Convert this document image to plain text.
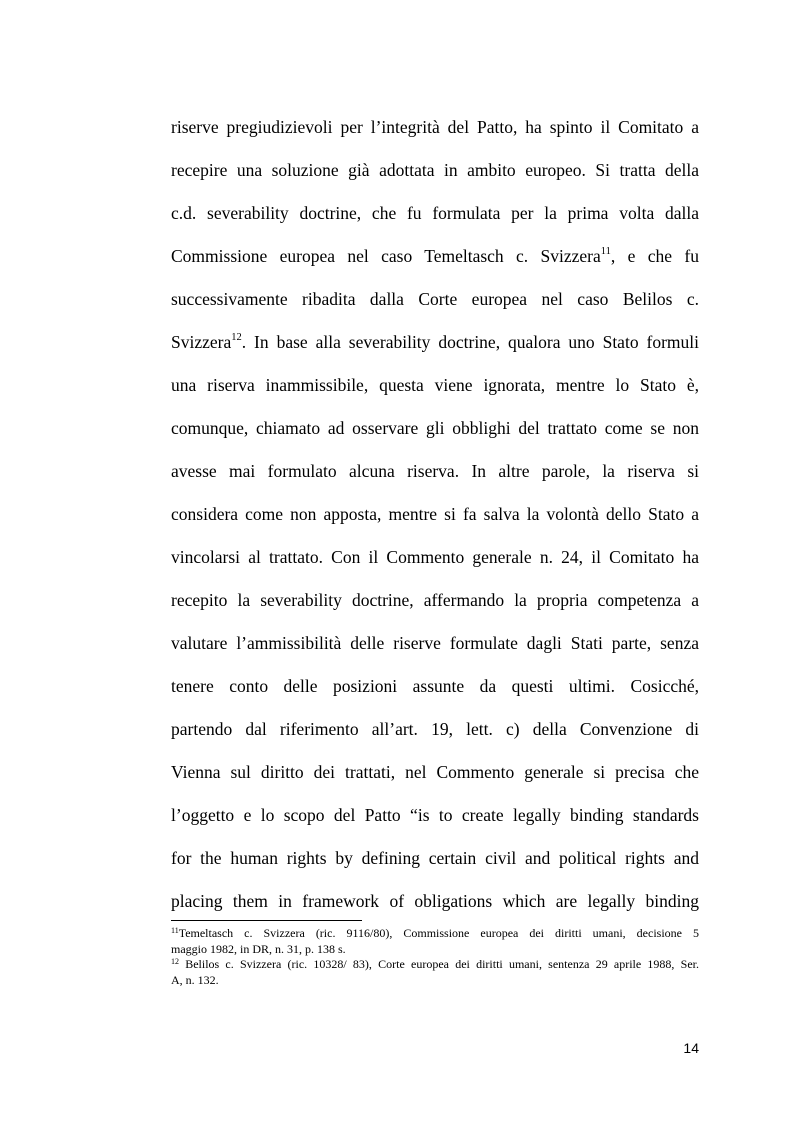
riserve pregiudizievoli per l’integrità del Patto, ha spinto il Comitato a
recepire una soluzione già adottata in ambito europeo. Si tratta della
c.d. severability doctrine, che fu formulata per la prima volta dalla
Commissione europea nel caso Temeltasch c. Svizzera$^{11}$, e che fu
successivamente ribadita dalla Corte europea nel caso Belilos c.
Svizzera$^{12}$. In base alla severability doctrine, qualora uno Stato formuli
una riserva inammissibile, questa viene ignorata, mentre lo Stato è,
comunque, chiamato ad osservare gli obblighi del trattato come se non
avesse mai formulato alcuna riserva. In altre parole, la riserva si
considera come non apposta, mentre si fa salva la volontà dello Stato a
vincolarsi al trattato. Con il Commento generale n. 24, il Comitato ha
recepito la severability doctrine, affermando la propria competenza a
valutare l’ammissibilità delle riserve formulate dagli Stati parte, senza
tenere conto delle posizioni assunte da questi ultimi. Cosicché,
partendo dal riferimento all’art. 19, lett. c) della Convenzione di
Vienna sul diritto dei trattati, nel Commento generale si precisa che
l’oggetto e lo scopo del Patto “is to create legally binding standards
for the human rights by defining certain civil and political rights and
placing them in framework of obligations which are legally binding
$^{11}$Temeltasch c. Svizzera (ric. 9116/80), Commissione europea dei diritti umani, decisione 5
maggio 1982, in DR, n. 31, p. 138 s.
$^{12}$ Belilos c. Svizzera (ric. 10328/ 83), Corte europea dei diritti umani, sentenza 29 aprile 1988, Ser.
A, n. 132.
14
